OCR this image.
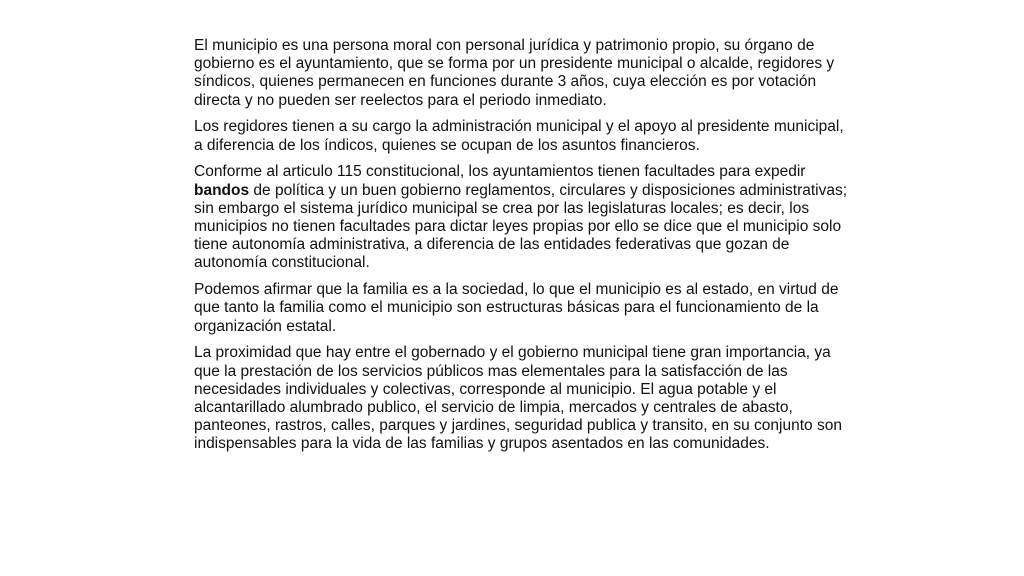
El municipio es una persona moral con personal jurídica y patrimonio propio, su órgano de gobierno es el ayuntamiento, que se forma por un presidente municipal o alcalde, regidores y síndicos, quienes permanecen en funciones durante 3 años, cuya elección es por votación directa y no pueden ser reelectos para el periodo inmediato.

Los regidores tienen a su cargo la administración municipal y el apoyo al presidente municipal, a diferencia de los índicos, quienes se ocupan de los asuntos financieros.

Conforme al articulo 115 constitucional, los ayuntamientos tienen facultades para expedir bandos de política y un buen gobierno reglamentos, circulares y disposiciones administrativas; sin embargo el sistema jurídico municipal se crea por las legislaturas locales; es decir, los municipios no tienen facultades para dictar leyes propias por ello se dice que el municipio solo tiene autonomía administrativa, a diferencia de las entidades federativas que gozan de autonomía constitucional.

Podemos afirmar que la familia es a la sociedad, lo que el municipio es al estado, en virtud de que tanto la familia como el municipio son estructuras básicas para el funcionamiento de la organización estatal.

La proximidad que hay entre el gobernado y el gobierno municipal tiene gran importancia, ya que la prestación de los servicios públicos mas elementales para la satisfacción de las necesidades individuales y colectivas, corresponde al municipio. El agua potable y el alcantarillado alumbrado publico, el servicio de limpia, mercados y centrales de abasto, panteones, rastros, calles, parques y jardines, seguridad publica y transito, en su conjunto son indispensables para la vida de las familias y grupos asentados en las comunidades.
